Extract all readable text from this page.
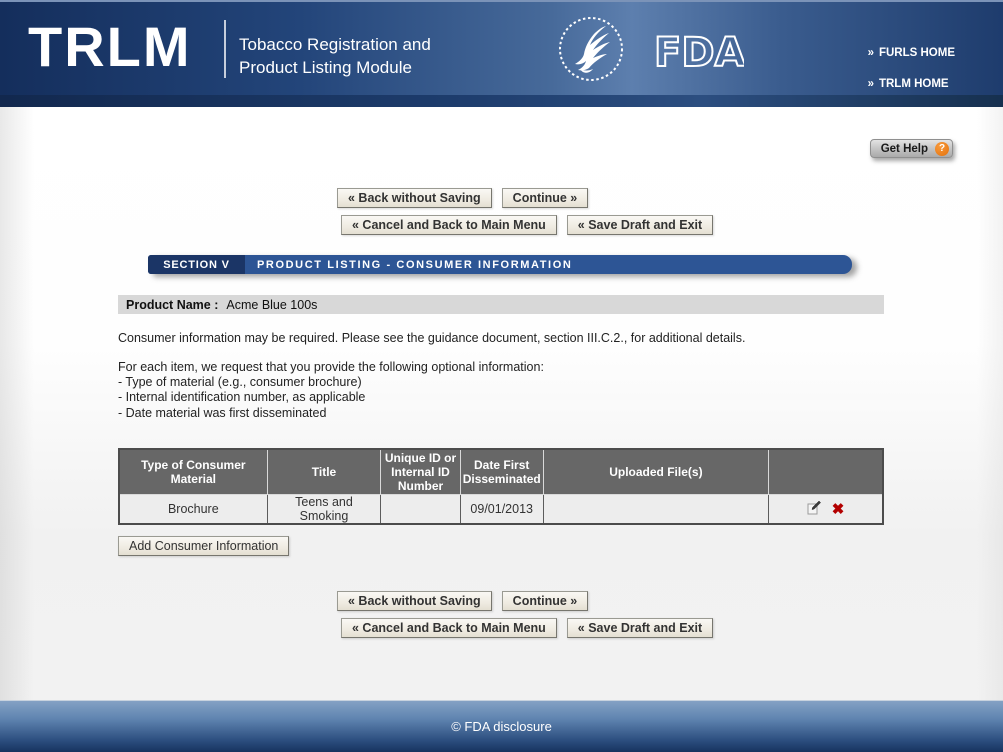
TRLM	Tobacco Registration and
Product Listing Module	FDA	» FURLS HOME
» TRLM HOME
Get Help	?
« Back without Saving	Continue »
« Cancel and Back to Main Menu	« Save Draft and Exit
SECTION V	PRODUCT LISTING - CONSUMER INFORMATION
Product Name : Acme Blue 100s
Consumer information may be required. Please see the guidance document, section III.C.2., for additional details.
For each item, we request that you provide the following optional information:
- Type of material (e.g., consumer brochure)
- Internal identification number, as applicable
- Date material was first disseminated
Type of Consumer Material	Title	Unique ID or Internal ID Number	Date First Disseminated	Uploaded File(s)	
Brochure	Teens and Smoking		09/01/2013		✖
Add Consumer Information
« Back without Saving	Continue »
« Cancel and Back to Main Menu	« Save Draft and Exit
© FDA disclosure
